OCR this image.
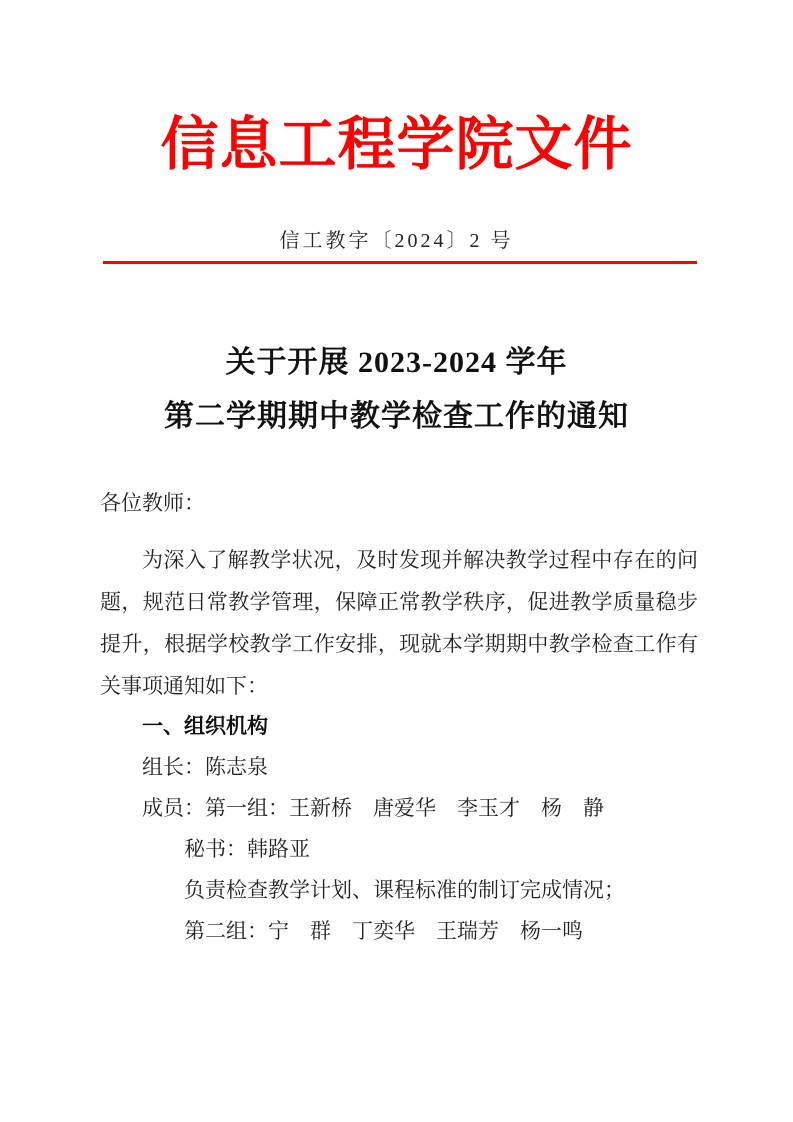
信息工程学院文件
信工教字〔2024〕2 号
关于开展 2023-2024 学年
第二学期期中教学检查工作的通知

各位教师：

为深入了解教学状况，及时发现并解决教学过程中存在的问题，规范日常教学管理，保障正常教学秩序，促进教学质量稳步提升，根据学校教学工作安排，现就本学期期中教学检查工作有关事项通知如下：

一、组织机构

组长：陈志泉

成员：第一组：王新桥　唐爱华　李玉才　杨　静

秘书：韩路亚

负责检查教学计划、课程标准的制订完成情况；

第二组：宁　群　丁奕华　王瑞芳　杨一鸣
